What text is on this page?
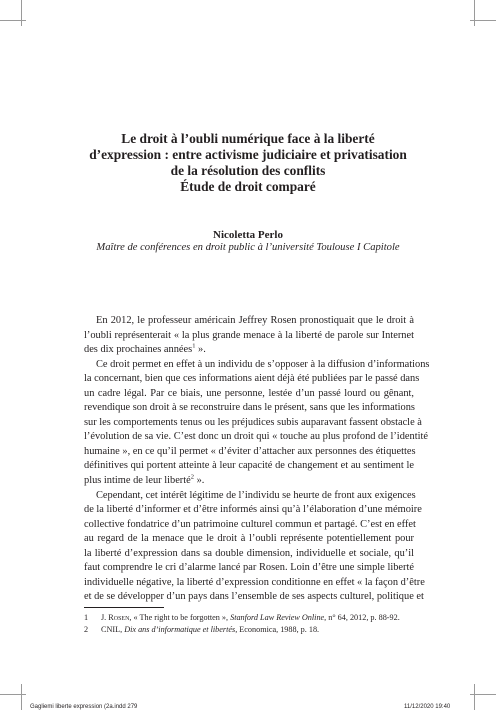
Le droit à l’oubli numérique face à la liberté
d’expression : entre activisme judiciaire et privatisation
de la résolution des conflits
Étude de droit comparé
Nicoletta Perlo
Maître de conférences en droit public à l’université Toulouse I Capitole

En 2012, le professeur américain Jeffrey Rosen pronostiquait que le droit à
l’oubli représenterait « la plus grande menace à la liberté de parole sur Internet
des dix prochaines années$^1$ ».

Ce droit permet en effet à un individu de s’opposer à la diffusion d’informations
la concernant, bien que ces informations aient déjà été publiées par le passé dans
un cadre légal. Par ce biais, une personne, lestée d’un passé lourd ou gênant,
revendique son droit à se reconstruire dans le présent, sans que les informations
sur les comportements tenus ou les préjudices subis auparavant fassent obstacle à
l’évolution de sa vie. C’est donc un droit qui « touche au plus profond de l’identité
humaine », en ce qu’il permet « d’éviter d’attacher aux personnes des étiquettes
définitives qui portent atteinte à leur capacité de changement et au sentiment le
plus intime de leur liberté$^2$ ».

Cependant, cet intérêt légitime de l’individu se heurte de front aux exigences
de la liberté d’informer et d’être informés ainsi qu’à l’élaboration d’une mémoire
collective fondatrice d’un patrimoine culturel commun et partagé. C’est en effet
au regard de la menace que le droit à l’oubli représente potentiellement pour
la liberté d’expression dans sa double dimension, individuelle et sociale, qu’il
faut comprendre le cri d’alarme lancé par Rosen. Loin d’être une simple liberté
individuelle négative, la liberté d’expression conditionne en effet « la façon d’être
et de se développer d’un pays dans l’ensemble de ses aspects culturel, politique et

1	J. Rosen, « The right to be forgotten », Stanford Law Review Online, n° 64, 2012, p. 88-92.
2	CNIL, Dix ans d’informatique et libertés, Economica, 1988, p. 18.
Gagliemi liberte expression (2a.indd 279	11/12/2020 19:40
